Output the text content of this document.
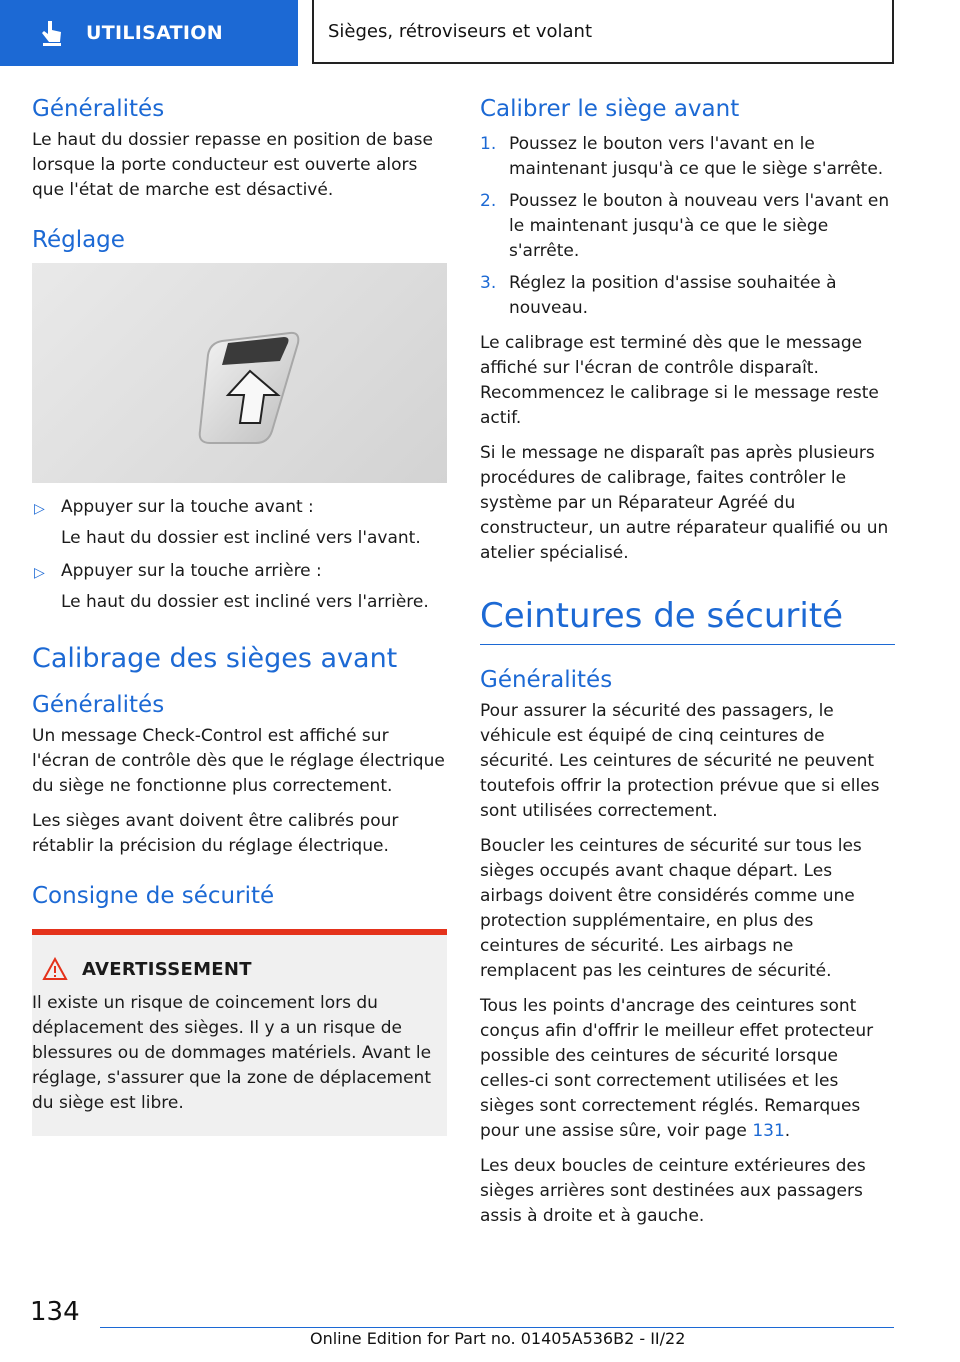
UTILISATION	Sièges, rétroviseurs et volant
Généralités

Le haut du dossier repasse en position de base lorsque la porte conducteur est ouverte alors que l'état de marche est désactivé.

Réglage
▷ Appuyer sur la touche avant :
Le haut du dossier est incliné vers l'avant.
▷ Appuyer sur la touche arrière :
Le haut du dossier est incliné vers l'arrière.
Calibrage des sièges avant
Généralités

Un message Check-Control est affiché sur l'écran de contrôle dès que le réglage électrique du siège ne fonctionne plus correctement.

Les sièges avant doivent être calibrés pour rétablir la précision du réglage électrique.

Consigne de sécurité
AVERTISSEMENT

Il existe un risque de coincement lors du déplacement des sièges. Il y a un risque de blessures ou de dommages matériels. Avant le réglage, s'assurer que la zone de déplacement du siège est libre.

Calibrer le siège avant
1. Poussez le bouton vers l'avant en le maintenant jusqu'à ce que le siège s'arrête.
2. Poussez le bouton à nouveau vers l'avant en le maintenant jusqu'à ce que le siège s'arrête.
3. Réglez la position d'assise souhaitée à nouveau.

Le calibrage est terminé dès que le message affiché sur l'écran de contrôle disparaît. Recommencez le calibrage si le message reste actif.

Si le message ne disparaît pas après plusieurs procédures de calibrage, faites contrôler le système par un Réparateur Agréé du constructeur, un autre réparateur qualifié ou un atelier spécialisé.

Ceintures de sécurité
Généralités

Pour assurer la sécurité des passagers, le véhicule est équipé de cinq ceintures de sécurité. Les ceintures de sécurité ne peuvent toutefois offrir la protection prévue que si elles sont utilisées correctement.

Boucler les ceintures de sécurité sur tous les sièges occupés avant chaque départ. Les airbags doivent être considérés comme une protection supplémentaire, en plus des ceintures de sécurité. Les airbags ne remplacent pas les ceintures de sécurité.

Tous les points d'ancrage des ceintures sont conçus afin d'offrir le meilleur effet protecteur possible des ceintures de sécurité lorsque celles-ci sont correctement utilisées et les sièges sont correctement réglés. Remarques pour une assise sûre, voir page 131.

Les deux boucles de ceinture extérieures des sièges arrières sont destinées aux passagers assis à droite et à gauche.

134
Online Edition for Part no. 01405A536B2 - II/22
